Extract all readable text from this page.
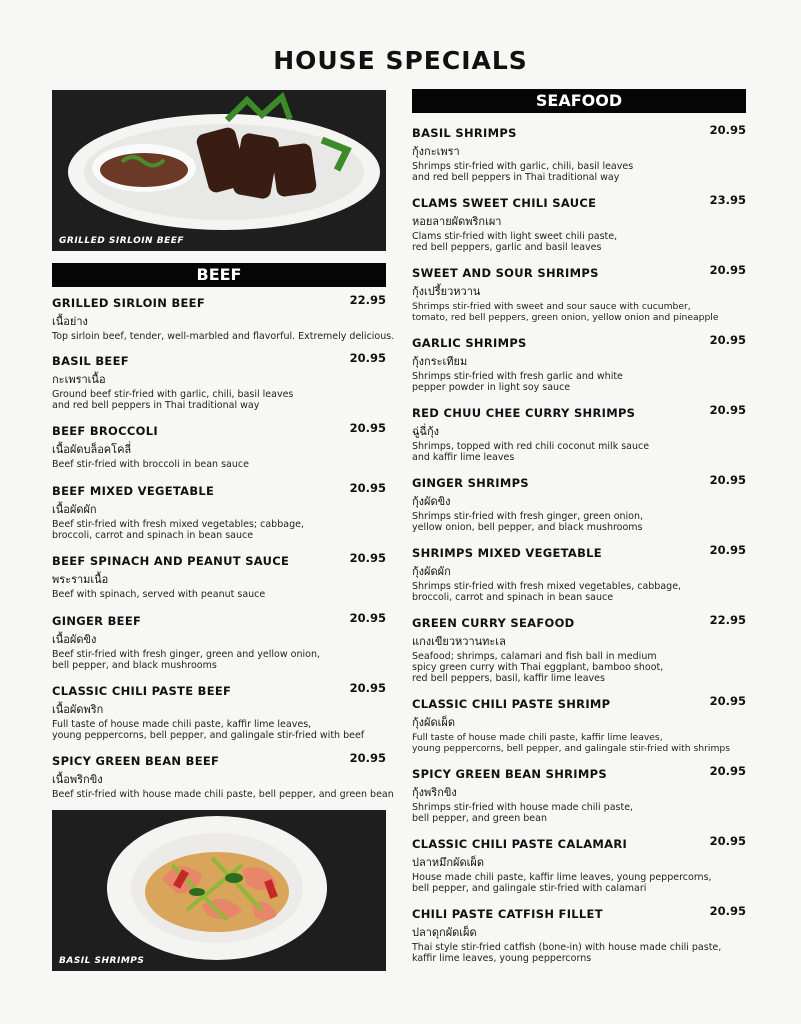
HOUSE SPECIALS
GRILLED SIRLOIN BEEF
BEEF
GRILLED SIRLOIN BEEF	22.95
เนื้อย่าง
Top sirloin beef, tender, well-marbled and flavorful. Extremely delicious.
BASIL BEEF	20.95
กะเพราเนื้อ
Ground beef stir-fried with garlic, chili, basil leaves
and red bell peppers in Thai traditional way
BEEF BROCCOLI	20.95
เนื้อผัดบล็อคโคลี่
Beef stir-fried with broccoli in bean sauce
BEEF MIXED VEGETABLE	20.95
เนื้อผัดผัก
Beef stir-fried with fresh mixed vegetables; cabbage,
broccoli, carrot and spinach in bean sauce
BEEF SPINACH AND PEANUT SAUCE	20.95
พระรามเนื้อ
Beef with spinach, served with peanut sauce
GINGER BEEF	20.95
เนื้อผัดขิง
Beef stir-fried with fresh ginger, green and yellow onion,
bell pepper, and black mushrooms
CLASSIC CHILI PASTE BEEF	20.95
เนื้อผัดพริก
Full taste of house made chili paste, kaffir lime leaves,
young peppercorns, bell pepper, and galingale stir-fried with beef
SPICY GREEN BEAN BEEF	20.95
เนื้อพริกขิง
Beef stir-fried with house made chili paste, bell pepper, and green bean
BASIL SHRIMPS
SEAFOOD
BASIL SHRIMPS	20.95
กุ้งกะเพรา
Shrimps stir-fried with garlic, chili, basil leaves
and red bell peppers in Thai traditional way
CLAMS SWEET CHILI SAUCE	23.95
หอยลายผัดพริกเผา
Clams stir-fried with light sweet chili paste,
red bell peppers, garlic and basil leaves
SWEET AND SOUR SHRIMPS	20.95
กุ้งเปรี้ยวหวาน
Shrimps stir-fried with sweet and sour sauce with cucumber,
tomato, red bell peppers, green onion, yellow onion and pineapple
GARLIC SHRIMPS	20.95
กุ้งกระเทียม
Shrimps stir-fried with fresh garlic and white
pepper powder in light soy sauce
RED CHUU CHEE CURRY SHRIMPS	20.95
ฉู่ฉี่กุ้ง
Shrimps, topped with red chili coconut milk sauce
and kaffir lime leaves
GINGER SHRIMPS	20.95
กุ้งผัดขิง
Shrimps stir-fried with fresh ginger, green onion,
yellow onion, bell pepper, and black mushrooms
SHRIMPS MIXED VEGETABLE	20.95
กุ้งผัดผัก
Shrimps stir-fried with fresh mixed vegetables, cabbage,
broccoli, carrot and spinach in bean sauce
GREEN CURRY SEAFOOD	22.95
แกงเขียวหวานทะเล
Seafood; shrimps, calamari and fish ball in medium
spicy green curry with Thai eggplant, bamboo shoot,
red bell peppers, basil, kaffir lime leaves
CLASSIC CHILI PASTE SHRIMP	20.95
กุ้งผัดเผ็ด
Full taste of house made chili paste, kaffir lime leaves,
young peppercorns, bell pepper, and galingale stir-fried with shrimps
SPICY GREEN BEAN SHRIMPS	20.95
กุ้งพริกขิง
Shrimps stir-fried with house made chili paste,
bell pepper, and green bean
CLASSIC CHILI PASTE CALAMARI	20.95
ปลาหมึกผัดเผ็ด
House made chili paste, kaffir lime leaves, young peppercorns,
bell pepper, and galingale stir-fried with calamari
CHILI PASTE CATFISH FILLET	20.95
ปลาดุกผัดเผ็ด
Thai style stir-fried catfish (bone-in) with house made chili paste,
kaffir lime leaves, young peppercorns
